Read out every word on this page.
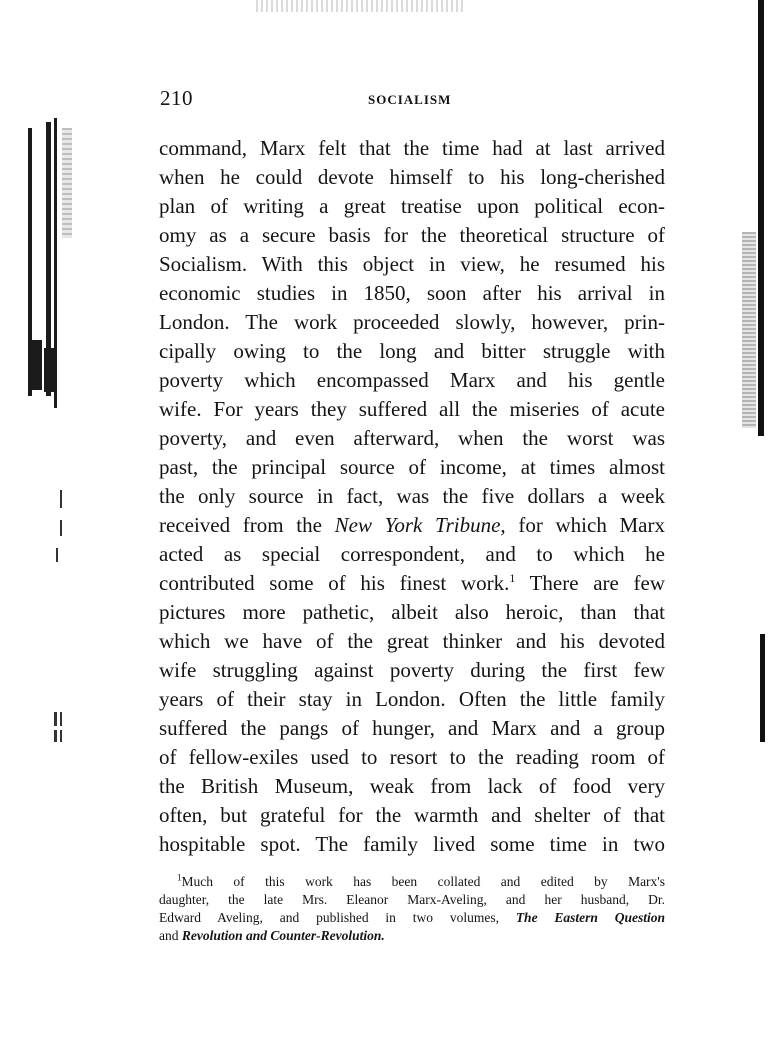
210	SOCIALISM
command, Marx felt that the time had at last arrived
when he could devote himself to his long-cherished
plan of writing a great treatise upon political econ-
omy as a secure basis for the theoretical structure of
Socialism. With this object in view, he resumed his
economic studies in 1850, soon after his arrival in
London. The work proceeded slowly, however, prin-
cipally owing to the long and bitter struggle with
poverty which encompassed Marx and his gentle
wife. For years they suffered all the miseries of acute
poverty, and even afterward, when the worst was
past, the principal source of income, at times almost
the only source in fact, was the five dollars a week
received from the New York Tribune, for which Marx
acted as special correspondent, and to which he
contributed some of his finest work.$^1$ There are few
pictures more pathetic, albeit also heroic, than that
which we have of the great thinker and his devoted
wife struggling against poverty during the first few
years of their stay in London. Often the little family
suffered the pangs of hunger, and Marx and a group
of fellow-exiles used to resort to the reading room of
the British Museum, weak from lack of food very
often, but grateful for the warmth and shelter of that
hospitable spot. The family lived some time in two
$^1$Much of this work has been collated and edited by Marx's
daughter, the late Mrs. Eleanor Marx-Aveling, and her husband, Dr.
Edward Aveling, and published in two volumes, The Eastern Question
and Revolution and Counter-Revolution.
